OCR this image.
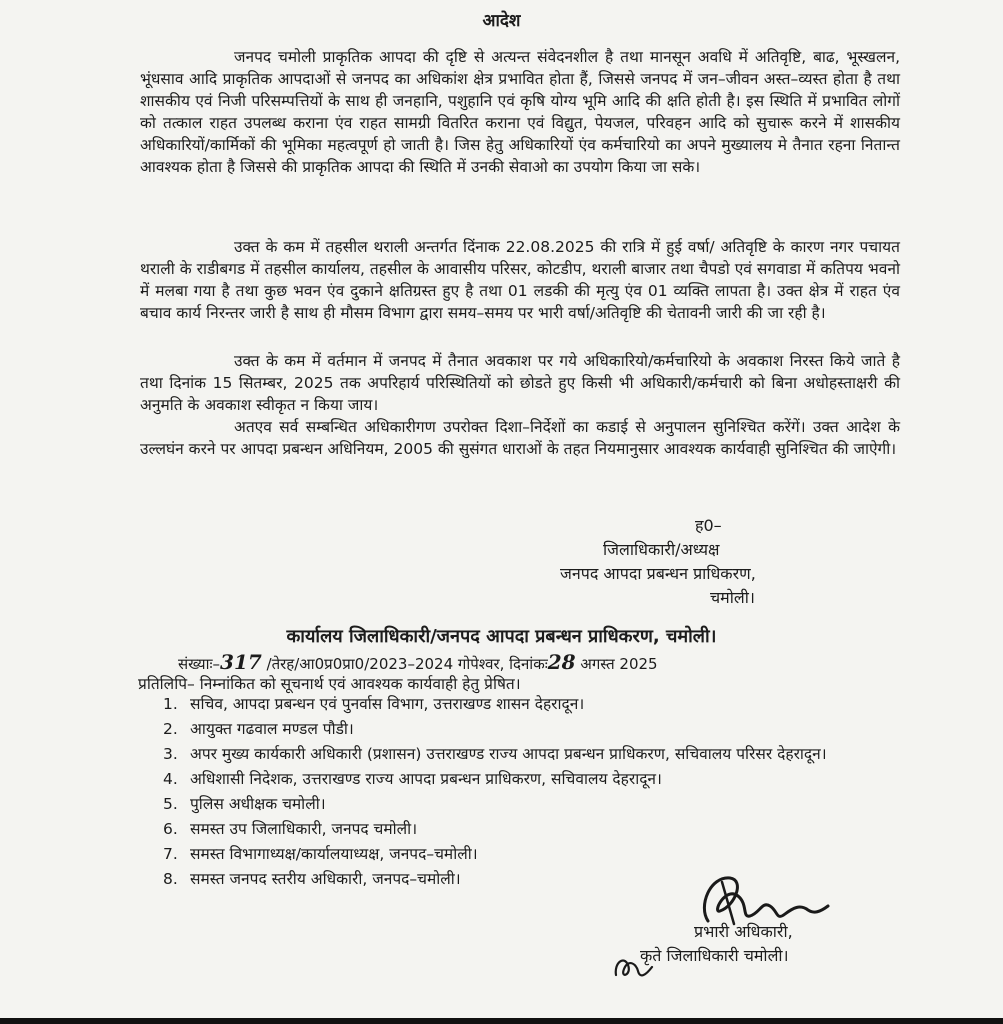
आदेश

जनपद चमोली प्राकृतिक आपदा की दृष्टि से अत्यन्त संवेदनशील है तथा मानसून अवधि में अतिवृष्टि, बाढ, भूस्खलन, भूंधसाव आदि प्राकृतिक आपदाओं से जनपद का अधिकांश क्षेत्र प्रभावित होता हैं, जिससे जनपद में जन–जीवन अस्त–व्यस्त होता है तथा शासकीय एवं निजी परिसम्पत्तियों के साथ ही जनहानि, पशुहानि एवं कृषि योग्य भूमि आदि की क्षति होती है। इस स्थिति में प्रभावित लोगों को तत्काल राहत उपलब्ध कराना एंव राहत सामग्री वितरित कराना एवं विद्युत, पेयजल, परिवहन आदि को सुचारू करने में शासकीय अधिकारियों/कार्मिकों की भूमिका महत्वपूर्ण हो जाती है। जिस हेतु अधिकारियों एंव कर्मचारियो का अपने मुख्यालय मे तैनात रहना नितान्त आवश्यक होता है जिससे की प्राकृतिक आपदा की स्थिति में उनकी सेवाओ का उपयोग किया जा सके।

उक्त के कम में तहसील थराली अन्तर्गत दिंनाक 22.08.2025 की रात्रि में हुई वर्षा/ अतिवृष्टि के कारण नगर पचायत थराली के राडीबगड में तहसील कार्यालय, तहसील के आवासीय परिसर, कोटडीप, थराली बाजार तथा चैपडो एवं सगवाडा में कतिपय भवनो में मलबा गया है तथा कुछ भवन एंव दुकाने क्षतिग्रस्त हुए है तथा 01 लडकी की मृत्यु एंव 01 व्यक्ति लापता है। उक्त क्षेत्र में राहत एंव बचाव कार्य निरन्तर जारी है साथ ही मौसम विभाग द्वारा समय–समय पर भारी वर्षा/अतिवृष्टि की चेतावनी जारी की जा रही है।

उक्त के कम में वर्तमान में जनपद में तैनात अवकाश पर गये अधिकारियो/कर्मचारियो के अवकाश निरस्त किये जाते है तथा दिनांक 15 सितम्बर, 2025 तक अपरिहार्य परिस्थितियों को छोडते हुए किसी भी अधिकारी/कर्मचारी को बिना अधोहस्ताक्षरी की अनुमति के अवकाश स्वीकृत न किया जाय।

अतएव सर्व सम्बन्धित अधिकारीगण उपरोक्त दिशा–निर्देशों का कडाई से अनुपालन सुनिश्चित करेंगें। उक्त आदेश के उल्लघंन करने पर आपदा प्रबन्धन अधिनियम, 2005 की सुसंगत धाराओं के तहत नियमानुसार आवश्यक कार्यवाही सुनिश्चित की जाऐगी।

ह0–
जिलाधिकारी/अध्यक्ष
जनपद आपदा प्रबन्धन प्राधिकरण,
चमोली।
कार्यालय जिलाधिकारी/जनपद आपदा प्रबन्धन प्राधिकरण, चमोली।
संख्याः–317 /तेरह/आ0प्र0प्रा0/2023–2024 गोपेश्वर, दिनांकः28 अगस्त 2025
प्रतिलिपि– निम्नांकित को सूचनार्थ एवं आवश्यक कार्यवाही हेतु प्रेषित।
1. सचिव, आपदा प्रबन्धन एवं पुनर्वास विभाग, उत्तराखण्ड शासन देहरादून।
2. आयुक्त गढवाल मण्डल पौडी।
3. अपर मुख्य कार्यकारी अधिकारी (प्रशासन) उत्तराखण्ड राज्य आपदा प्रबन्धन प्राधिकरण, सचिवालय परिसर देहरादून।
4. अधिशासी निदेशक, उत्तराखण्ड राज्य आपदा प्रबन्धन प्राधिकरण, सचिवालय देहरादून।
5. पुलिस अधीक्षक चमोली।
6. समस्त उप जिलाधिकारी, जनपद चमोली।
7. समस्त विभागाध्यक्ष/कार्यालयाध्यक्ष, जनपद–चमोली।
8. समस्त जनपद स्तरीय अधिकारी, जनपद–चमोली।
प्रभारी अधिकारी,
कृते जिलाधिकारी चमोली।
